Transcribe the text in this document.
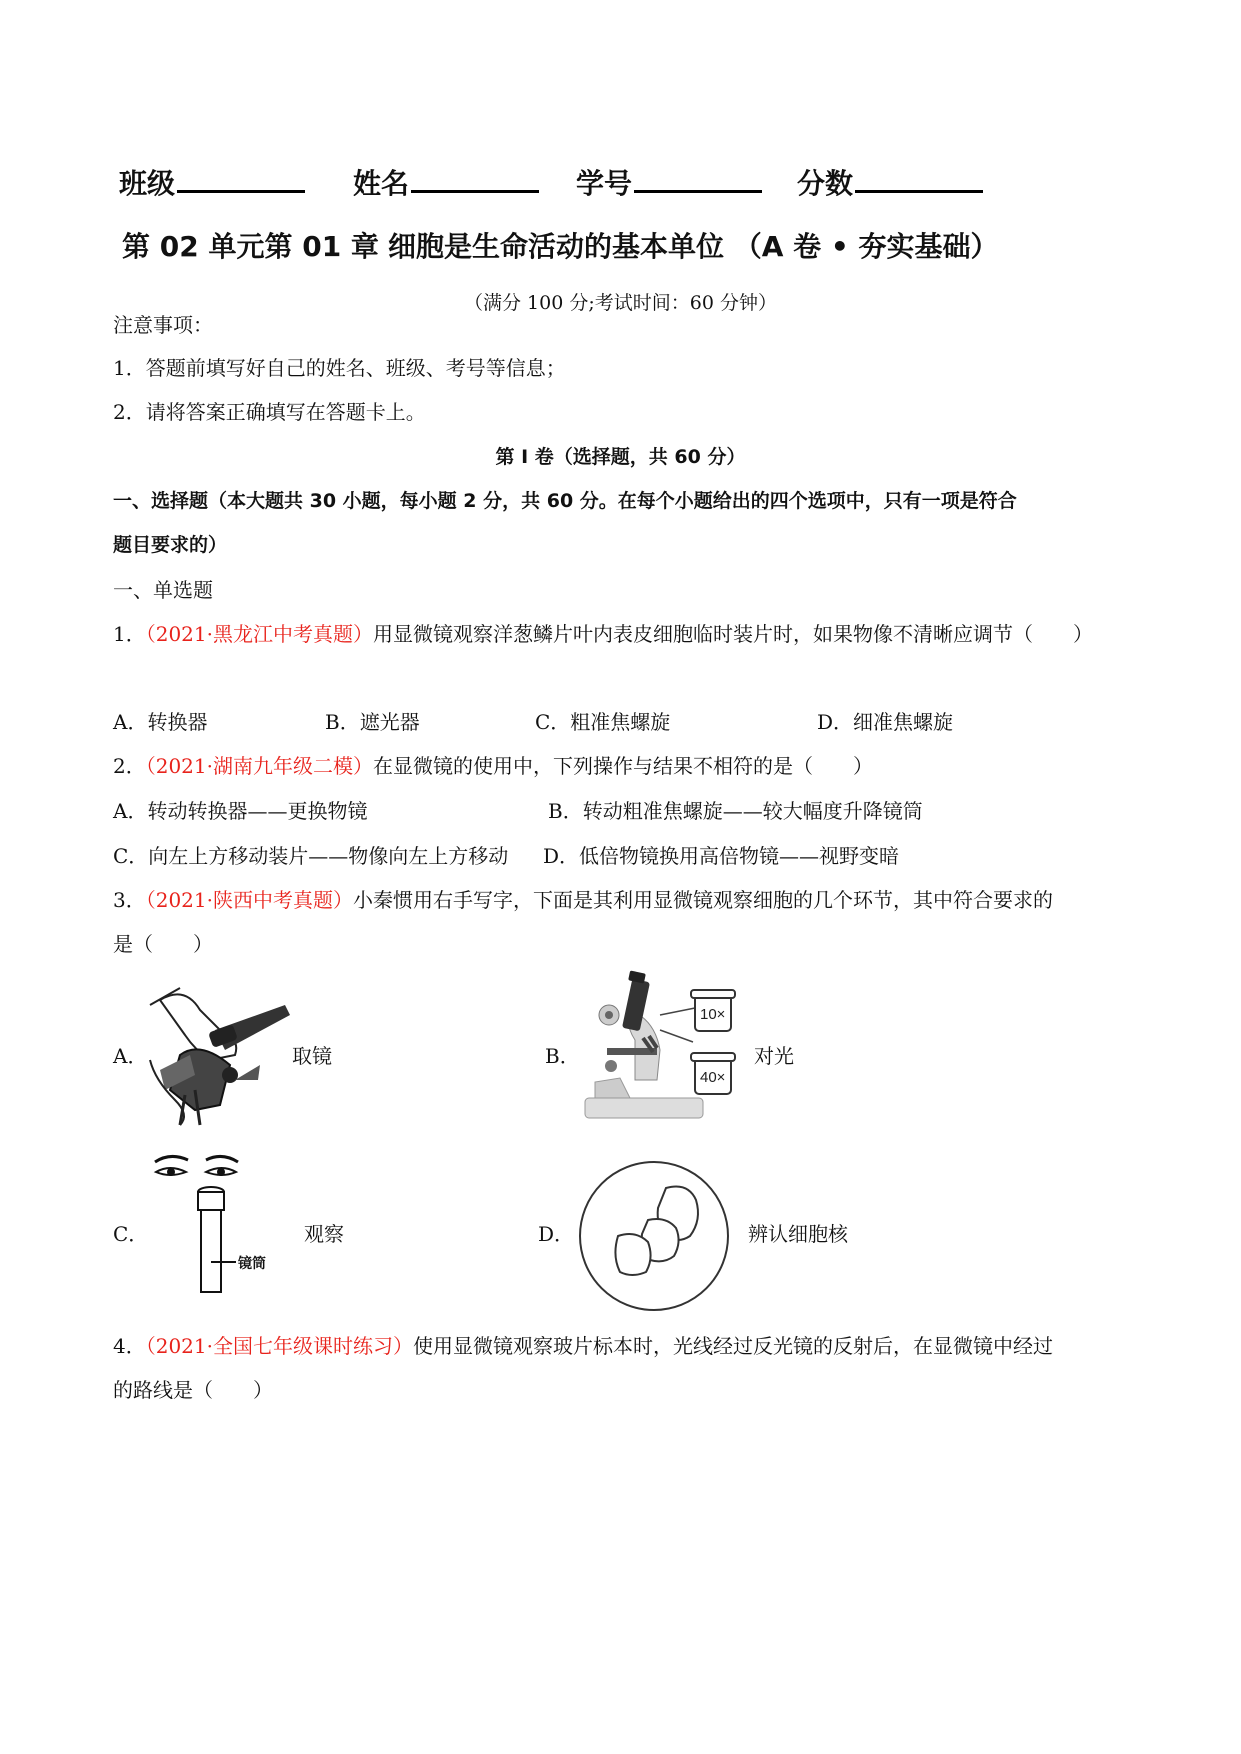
班级	姓名	学号	分数
第 02 单元第 01 章 细胞是生命活动的基本单位 （A 卷 • 夯实基础）
（满分 100 分;考试时间：60 分钟）
注意事项：
1．答题前填写好自己的姓名、班级、考号等信息；
2．请将答案正确填写在答题卡上。
第 I 卷（选择题，共 60 分）
一、选择题（本大题共 30 小题，每小题 2 分，共 60 分。在每个小题给出的四个选项中，只有一项是符合
题目要求的）
一、单选题
1．（2021·黑龙江中考真题）用显微镜观察洋葱鳞片叶内表皮细胞临时装片时，如果物像不清晰应调节（　　）
A．转换器	B．遮光器	C．粗准焦螺旋	D．细准焦螺旋
2．（2021·湖南九年级二模）在显微镜的使用中，下列操作与结果不相符的是（　　）
A．转动转换器——更换物镜	B．转动粗准焦螺旋——较大幅度升降镜筒
C．向左上方移动装片——物像向左上方移动 D．低倍物镜换用高倍物镜——视野变暗
3．（2021·陕西中考真题）小秦惯用右手写字，下面是其利用显微镜观察细胞的几个环节，其中符合要求的
是（　　）
A．	取镜	B．
10×
40×
对光
C．
镜筒
观察	D．	辨认细胞核
4．（2021·全国七年级课时练习）使用显微镜观察玻片标本时，光线经过反光镜的反射后，在显微镜中经过
的路线是（　　）
